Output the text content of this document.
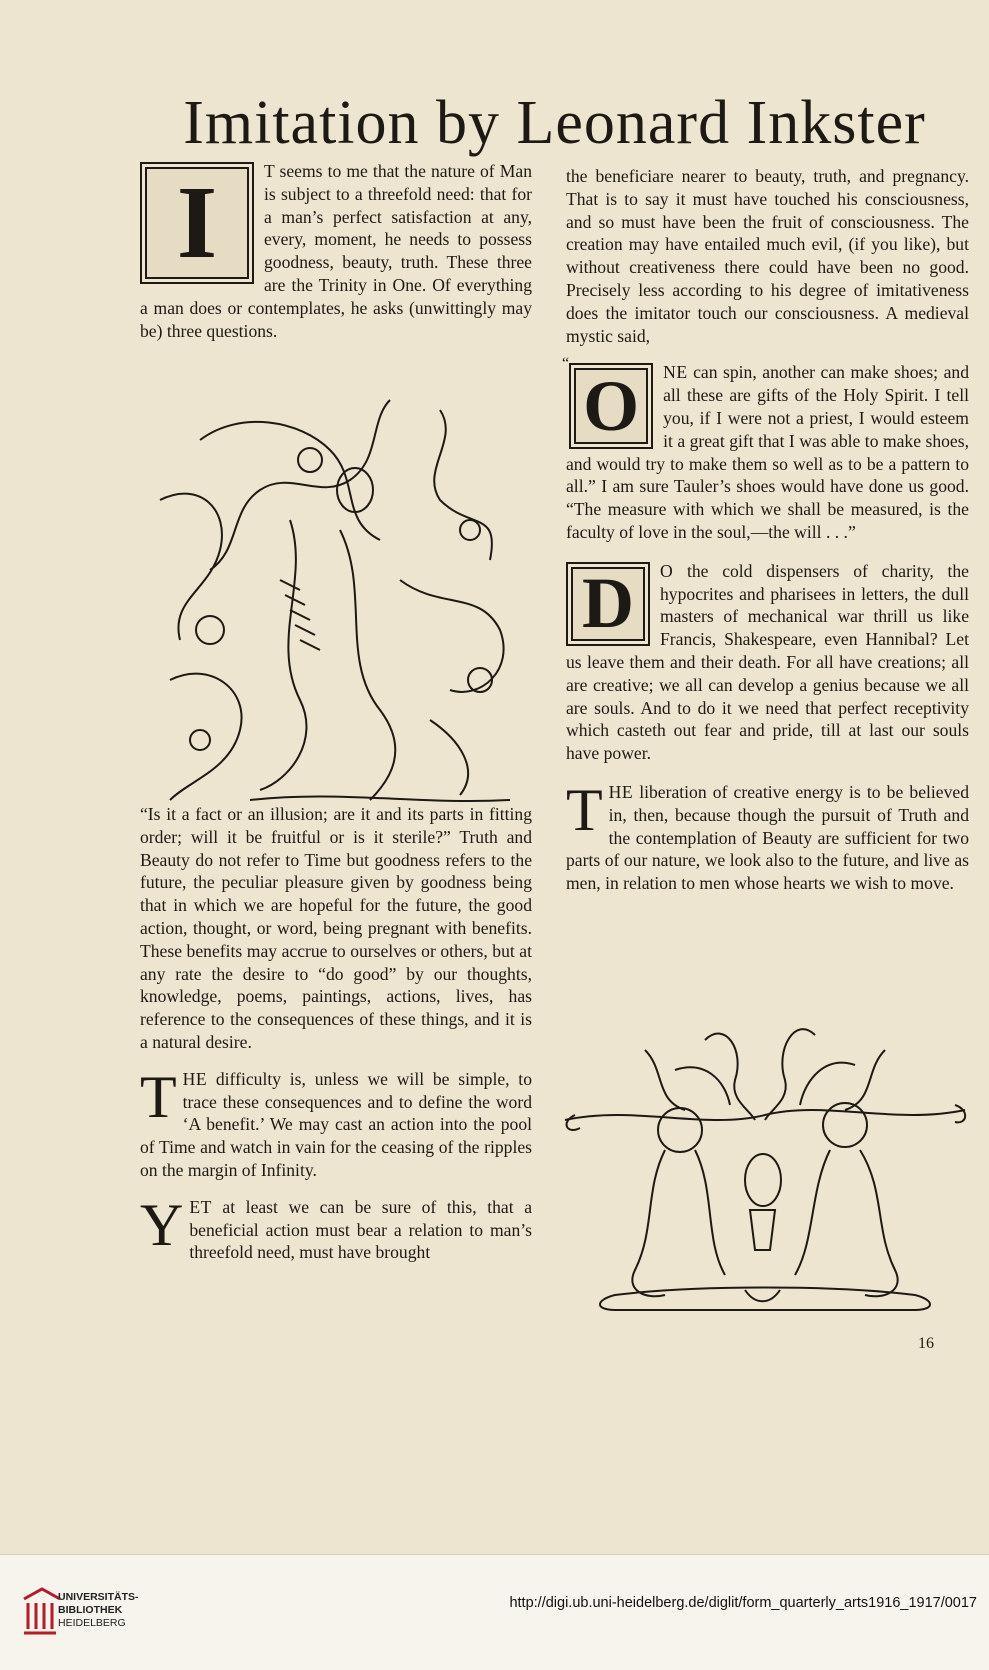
Imitation by Leonard Inkster

I	T seems to me that the nature of Man is subject to a threefold need: that for a man’s perfect satisfaction at any, every, moment, he needs to possess goodness, beauty, truth. These three are the Trinity in One. Of everything a man does or contemplates, he asks (unwittingly may be) three questions.

“Is it a fact or an illusion; are it and its parts in fitting order; will it be fruitful or is it sterile?” Truth and Beauty do not refer to Time but goodness refers to the future, the peculiar pleasure given by goodness being that in which we are hopeful for the future, the good action, thought, or word, being pregnant with benefits. These benefits may accrue to ourselves or others, but at any rate the desire to “do good” by our thoughts, knowledge, poems, paintings, actions, lives, has reference to the consequences of these things, and it is a natural desire.

T HE difficulty is, unless we will be simple, to trace these consequences and to define the word ‘A benefit.’ We may cast an action into the pool of Time and watch in vain for the ceasing of the ripples on the margin of Infinity.

Y ET at least we can be sure of this, that a beneficial action must bear a relation to man’s threefold need, must have brought

the beneficiare nearer to beauty, truth, and pregnancy. That is to say it must have touched his consciousness, and so must have been the fruit of consciousness. The creation may have entailed much evil, (if you like), but without creativeness there could have been no good. Precisely less according to his degree of imitativeness does the imitator touch our consciousness. A medieval mystic said,

“
O NE can spin, another can make shoes; and all these are gifts of the Holy Spirit. I tell you, if I were not a priest, I would esteem it a great gift that I was able to make shoes, and would try to make them so well as to be a pattern to all.” I am sure Tauler’s shoes would have done us good. “The measure with which we shall be measured, is the faculty of love in the soul,—the will . . .”

D O the cold dispensers of charity, the hypocrites and pharisees in letters, the dull masters of mechanical war thrill us like Francis, Shakespeare, even Hannibal? Let us leave them and their death. For all have creations; all are creative; we all can develop a genius because we all are souls. And to do it we need that perfect receptivity which casteth out fear and pride, till at last our souls have power.

T HE liberation of creative energy is to be believed in, then, because though the pursuit of Truth and the contemplation of Beauty are sufficient for two parts of our nature, we look also to the future, and live as men, in relation to men whose hearts we wish to move.

16
UNIVERSITÄTS-
BIBLIOTHEK
HEIDELBERG
http://digi.ub.uni-heidelberg.de/diglit/form_quarterly_arts1916_1917/0017
